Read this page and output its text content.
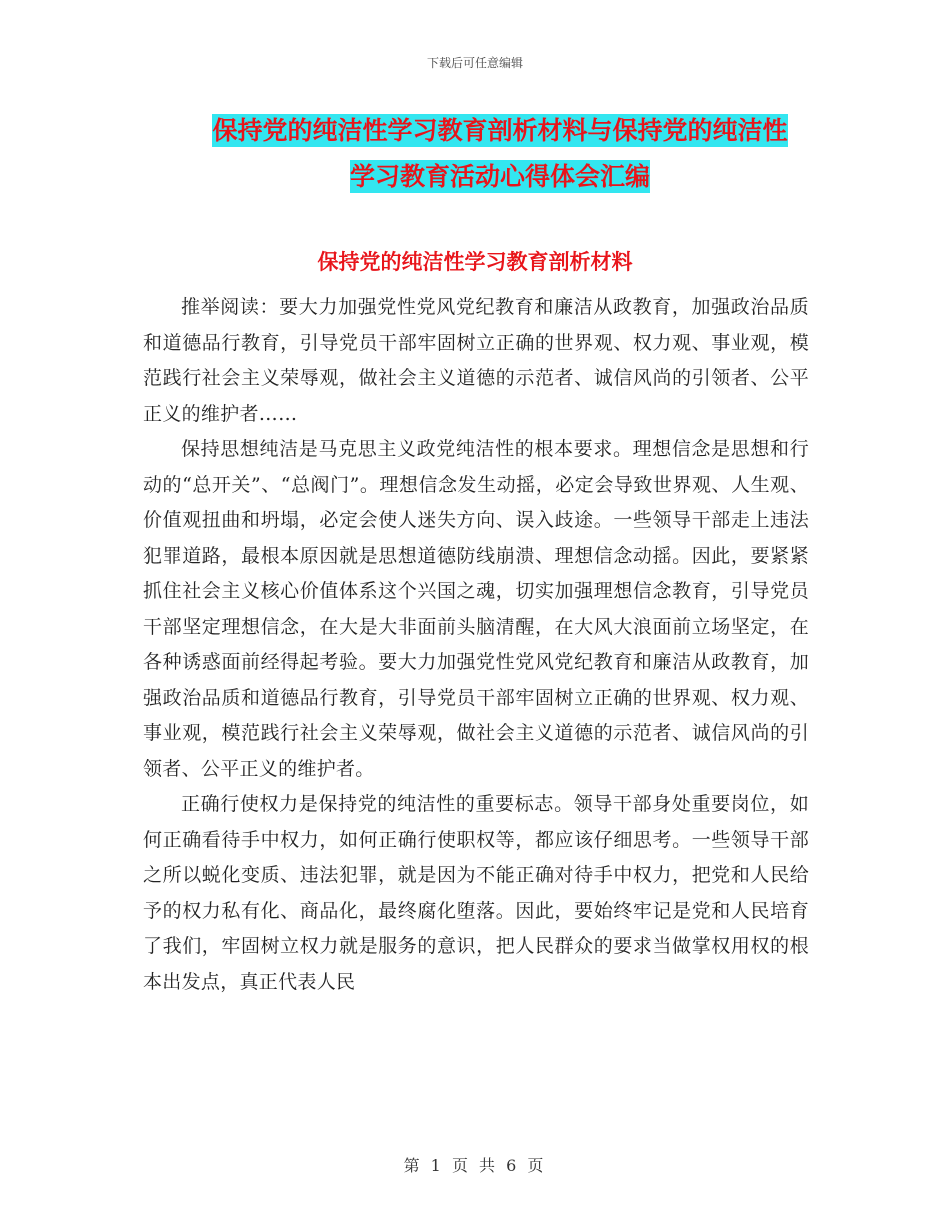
下载后可任意编辑
保持党的纯洁性学习教育剖析材料与保持党的纯洁性
学习教育活动心得体会汇编
保持党的纯洁性学习教育剖析材料

推举阅读：要大力加强党性党风党纪教育和廉洁从政教育，加强政治品质和道德品行教育，引导党员干部牢固树立正确的世界观、权力观、事业观，模范践行社会主义荣辱观，做社会主义道德的示范者、诚信风尚的引领者、公平正义的维护者……

保持思想纯洁是马克思主义政党纯洁性的根本要求。理想信念是思想和行动的“总开关”、“总阀门”。理想信念发生动摇，必定会导致世界观、人生观、价值观扭曲和坍塌，必定会使人迷失方向、误入歧途。一些领导干部走上违法犯罪道路，最根本原因就是思想道德防线崩溃、理想信念动摇。因此，要紧紧抓住社会主义核心价值体系这个兴国之魂，切实加强理想信念教育，引导党员干部坚定理想信念，在大是大非面前头脑清醒，在大风大浪面前立场坚定，在各种诱惑面前经得起考验。要大力加强党性党风党纪教育和廉洁从政教育，加强政治品质和道德品行教育，引导党员干部牢固树立正确的世界观、权力观、事业观，模范践行社会主义荣辱观，做社会主义道德的示范者、诚信风尚的引领者、公平正义的维护者。

正确行使权力是保持党的纯洁性的重要标志。领导干部身处重要岗位，如何正确看待手中权力，如何正确行使职权等，都应该仔细思考。一些领导干部之所以蜕化变质、违法犯罪，就是因为不能正确对待手中权力，把党和人民给予的权力私有化、商品化，最终腐化堕落。因此，要始终牢记是党和人民培育了我们，牢固树立权力就是服务的意识，把人民群众的要求当做掌权用权的根本出发点，真正代表人民

第 1 页 共 6 页
